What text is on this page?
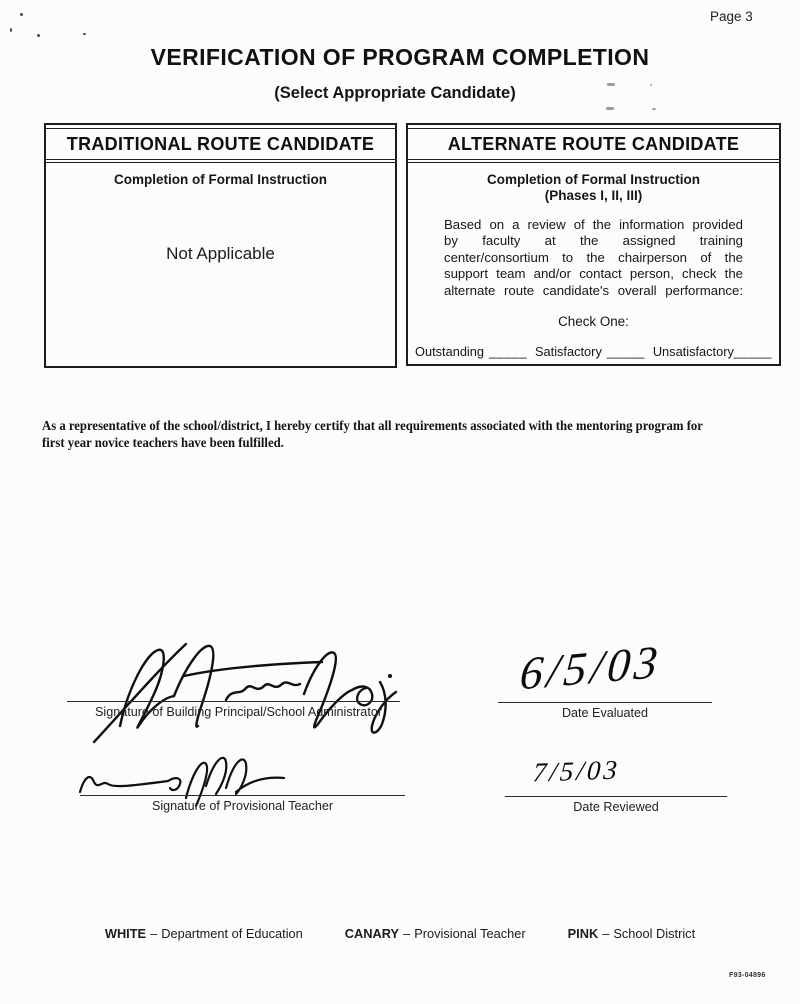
Page 3
VERIFICATION OF PROGRAM COMPLETION
(Select Appropriate Candidate)
TRADITIONAL ROUTE CANDIDATE
Completion of Formal Instruction
Not Applicable
ALTERNATE ROUTE CANDIDATE
Completion of Formal Instruction
(Phases I, II, III)
Based on a review of the information provided
by faculty at the assigned training
center/consortium to the chairperson of the
support team and/or contact person, check the
alternate route candidate's overall performance:
Check One:
Outstanding _____ Satisfactory _____ Unsatisfactory_____
As a representative of the school/district, I hereby certify that all requirements associated with the mentoring program for
first year novice teachers have been fulfilled.
Signature of Building Principal/School Administrator
6/5/03
Date Evaluated
Signature of Provisional Teacher
7/5/03
Date Reviewed
WHITE – Department of Education	CANARY – Provisional Teacher	PINK – School District
F93-04896
